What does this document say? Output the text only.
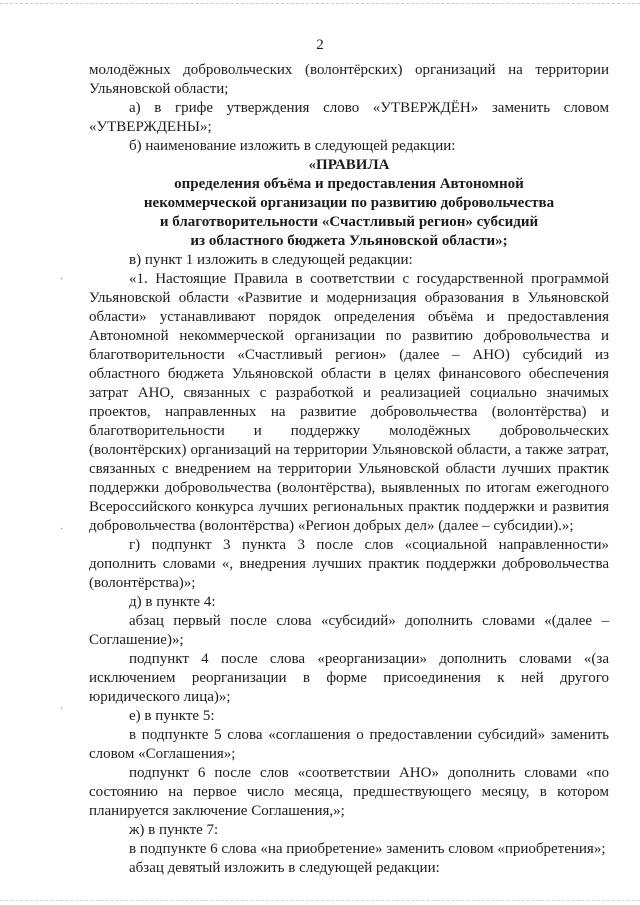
2

молодёжных добровольческих (волонтёрских) организаций на территории Ульяновской области;

а) в грифе утверждения слово «УТВЕРЖДЁН» заменить словом «УТВЕРЖДЕНЫ»;

б) наименование изложить в следующей редакции:

«ПРАВИЛА

определения объёма и предоставления Автономной

некоммерческой организации по развитию добровольчества

и благотворительности «Счастливый регион» субсидий

из областного бюджета Ульяновской области»;

в) пункт 1 изложить в следующей редакции:

«1. Настоящие Правила в соответствии с государственной программой Ульяновской области «Развитие и модернизация образования в Ульяновской области» устанавливают порядок определения объёма и предоставления Автономной некоммерческой организации по развитию добровольчества и благотворительности «Счастливый регион» (далее – АНО) субсидий из областного бюджета Ульяновской области в целях финансового обеспечения затрат АНО, связанных с разработкой и реализацией социально значимых проектов, направленных на развитие добровольчества (волонтёрства) и благотворительности и поддержку молодёжных добровольческих (волонтёрских) организаций на территории Ульяновской области, а также затрат, связанных с внедрением на территории Ульяновской области лучших практик поддержки добровольчества (волонтёрства), выявленных по итогам ежегодного Всероссийского конкурса лучших региональных практик поддержки и развития добровольчества (волонтёрства) «Регион добрых дел» (далее – субсидии).»;

г) подпункт 3 пункта 3 после слов «социальной направленности» дополнить словами «, внедрения лучших практик поддержки добровольчества (волонтёрства)»;

д) в пункте 4:

абзац первый после слова «субсидий» дополнить словами «(далее – Соглашение)»;

подпункт 4 после слова «реорганизации» дополнить словами «(за исключением реорганизации в форме присоединения к ней другого юридического лица)»;

е) в пункте 5:

в подпункте 5 слова «соглашения о предоставлении субсидий» заменить словом «Соглашения»;

подпункт 6 после слов «соответствии АНО» дополнить словами «по состоянию на первое число месяца, предшествующего месяцу, в котором планируется заключение Соглашения,»;

ж) в пункте 7:

в подпункте 6 слова «на приобретение» заменить словом «приобретения»;

абзац девятый изложить в следующей редакции:

·
·
·
